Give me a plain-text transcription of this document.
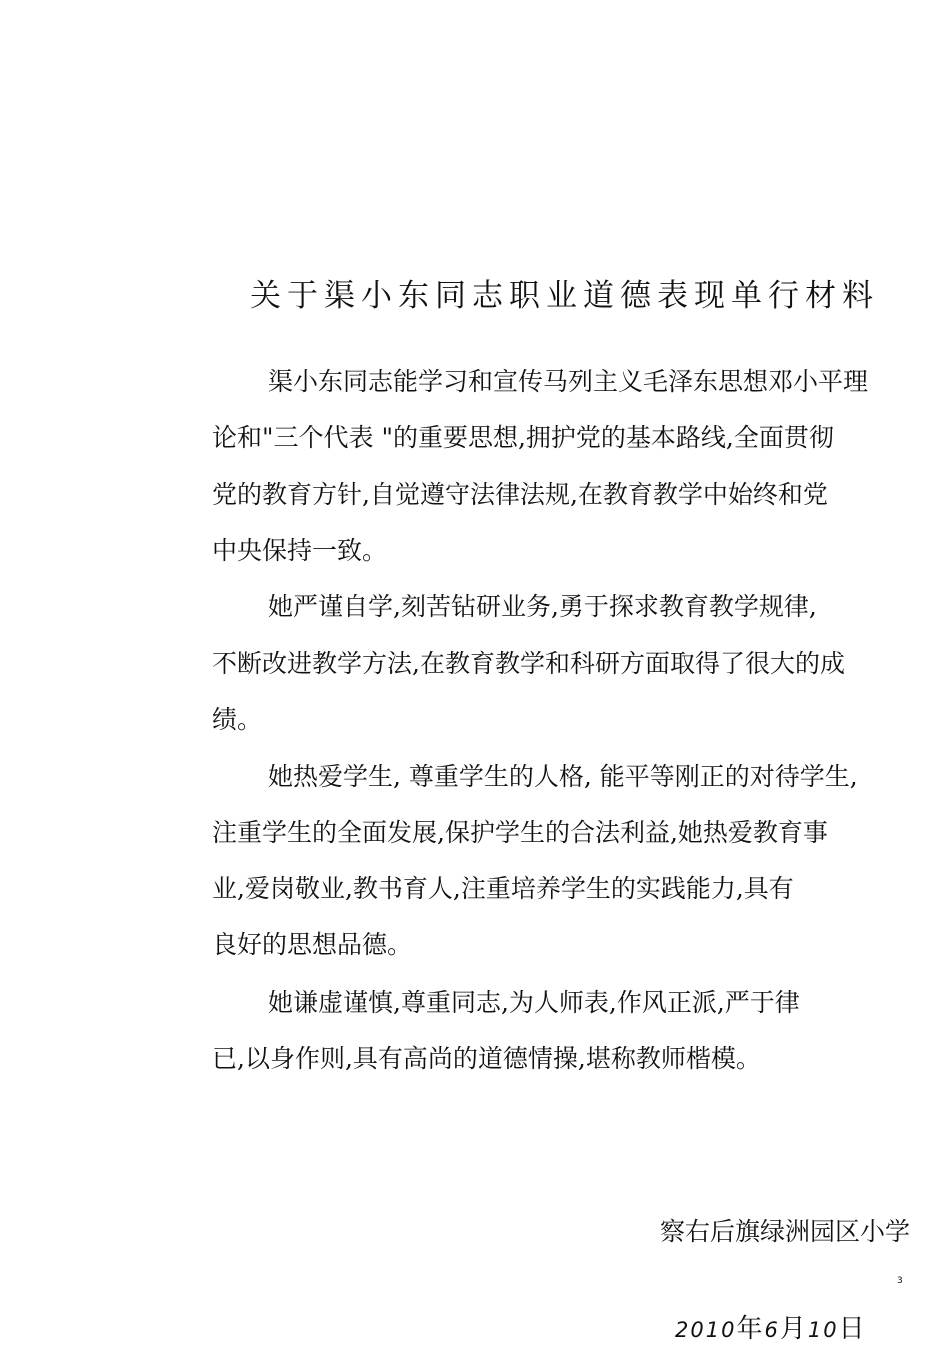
关于渠小东同志职业道德表现单行材料
渠小东同志能学习和宣传马列主义毛泽东思想邓小平理
论和"三个代表 "的重要思想,拥护党的基本路线,全面贯彻
党的教育方针,自觉遵守法律法规,在教育教学中始终和党
中央保持一致。
她严谨自学,刻苦钻研业务,勇于探求教育教学规律,
不断改进教学方法,在教育教学和科研方面取得了很大的成
绩。
她热爱学生, 尊重学生的人格, 能平等刚正的对待学生,
注重学生的全面发展,保护学生的合法利益,她热爱教育事
业,爱岗敬业,教书育人,注重培养学生的实践能力,具有
良好的思想品德。
她谦虚谨慎,尊重同志,为人师表,作风正派,严于律
已,以身作则,具有高尚的道德情操,堪称教师楷模。
察右后旗绿洲园区小学
3
2010年6月10日
